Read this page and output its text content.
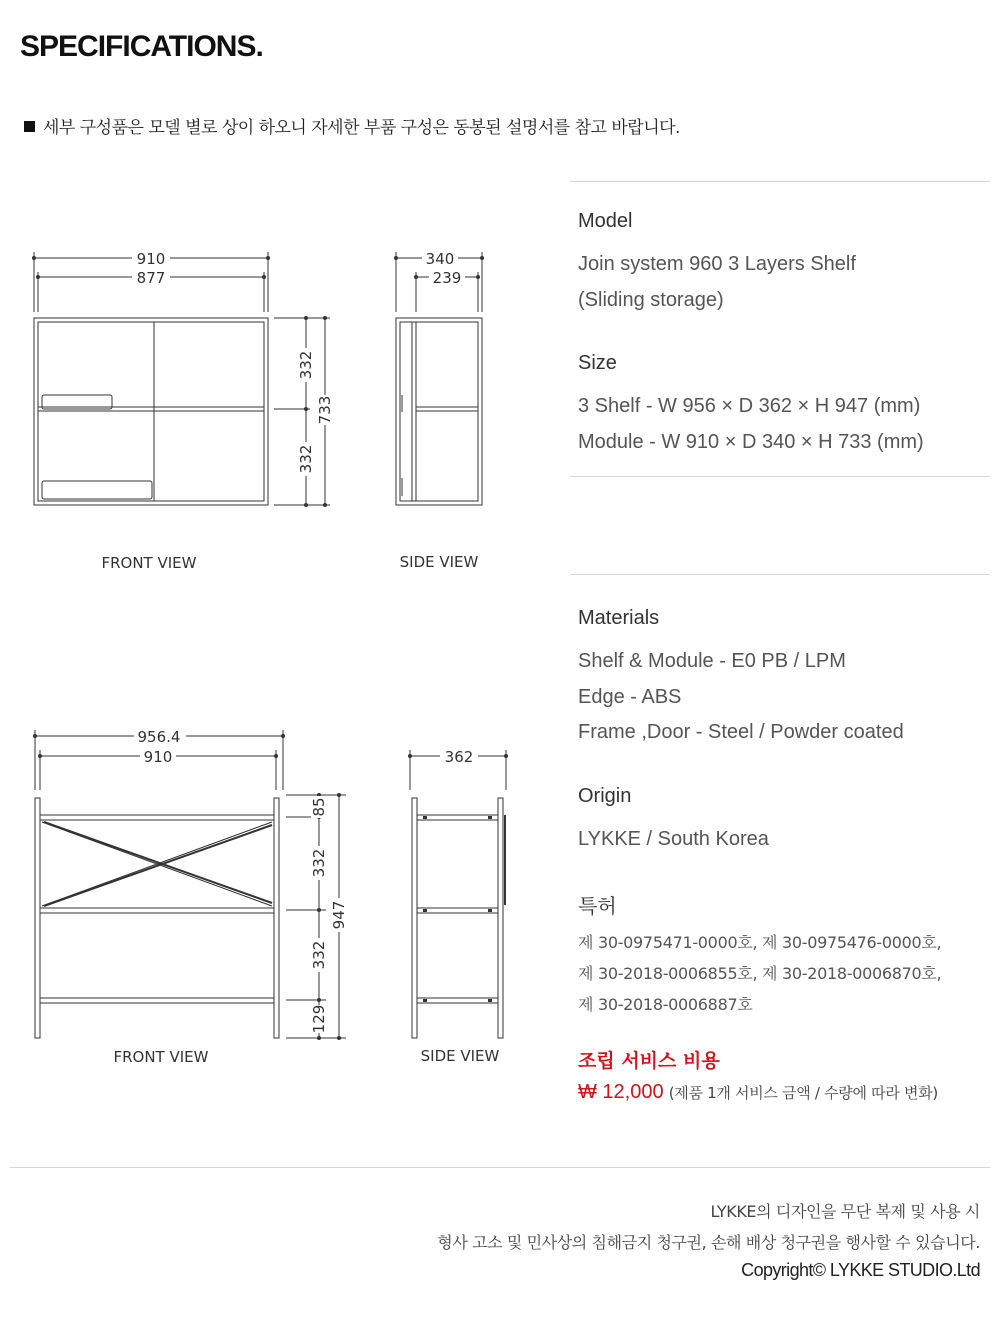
SPECIFICATIONS.
세부 구성품은 모델 별로 상이 하오니 자세한 부품 구성은 동봉된 설명서를 참고 바랍니다.
910
877
332
332
733
340
239
FRONT VIEW	SIDE VIEW
956.4
910
85
332
332
129
947
362
FRONT VIEW	SIDE VIEW
Model
Join system 960 3 Layers Shelf
(Sliding storage)
Size
3 Shelf - W 956 × D 362 × H 947 (mm)
Module - W 910 × D 340 × H 733 (mm)
Materials
Shelf & Module - E0 PB / LPM
Edge - ABS
Frame ,Door - Steel / Powder coated
Origin
LYKKE / South Korea
특허
제 30-0975471-0000호, 제 30-0975476-0000호,
제 30-2018-0006855호, 제 30-2018-0006870호,
제 30-2018-0006887호
조립 서비스 비용
₩ 12,000 (제품 1개 서비스 금액 / 수량에 따라 변화)
LYKKE의 디자인을 무단 복제 및 사용 시
형사 고소 및 민사상의 침해금지 청구권, 손해 배상 청구권을 행사할 수 있습니다.
Copyright© LYKKE STUDIO.Ltd
